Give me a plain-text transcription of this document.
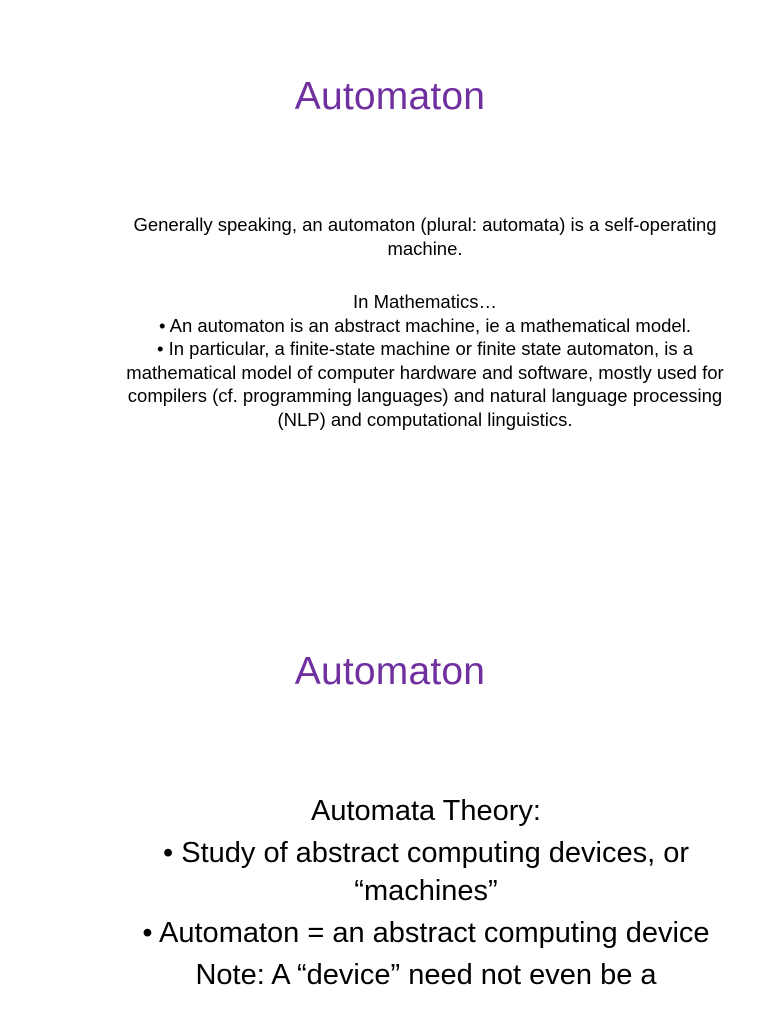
Automaton

Generally speaking, an automaton (plural: automata) is a self-operating machine.

In Mathematics…

• An automaton is an abstract machine, ie a mathematical model.

• In particular, a finite-state machine or finite state automaton, is a mathematical model of computer hardware and software, mostly used for compilers (cf. programming languages) and natural language processing (NLP) and computational linguistics.

Automaton

Automata Theory:

• Study of abstract computing devices, or “machines”

• Automaton = an abstract computing device

Note: A “device” need not even be a
